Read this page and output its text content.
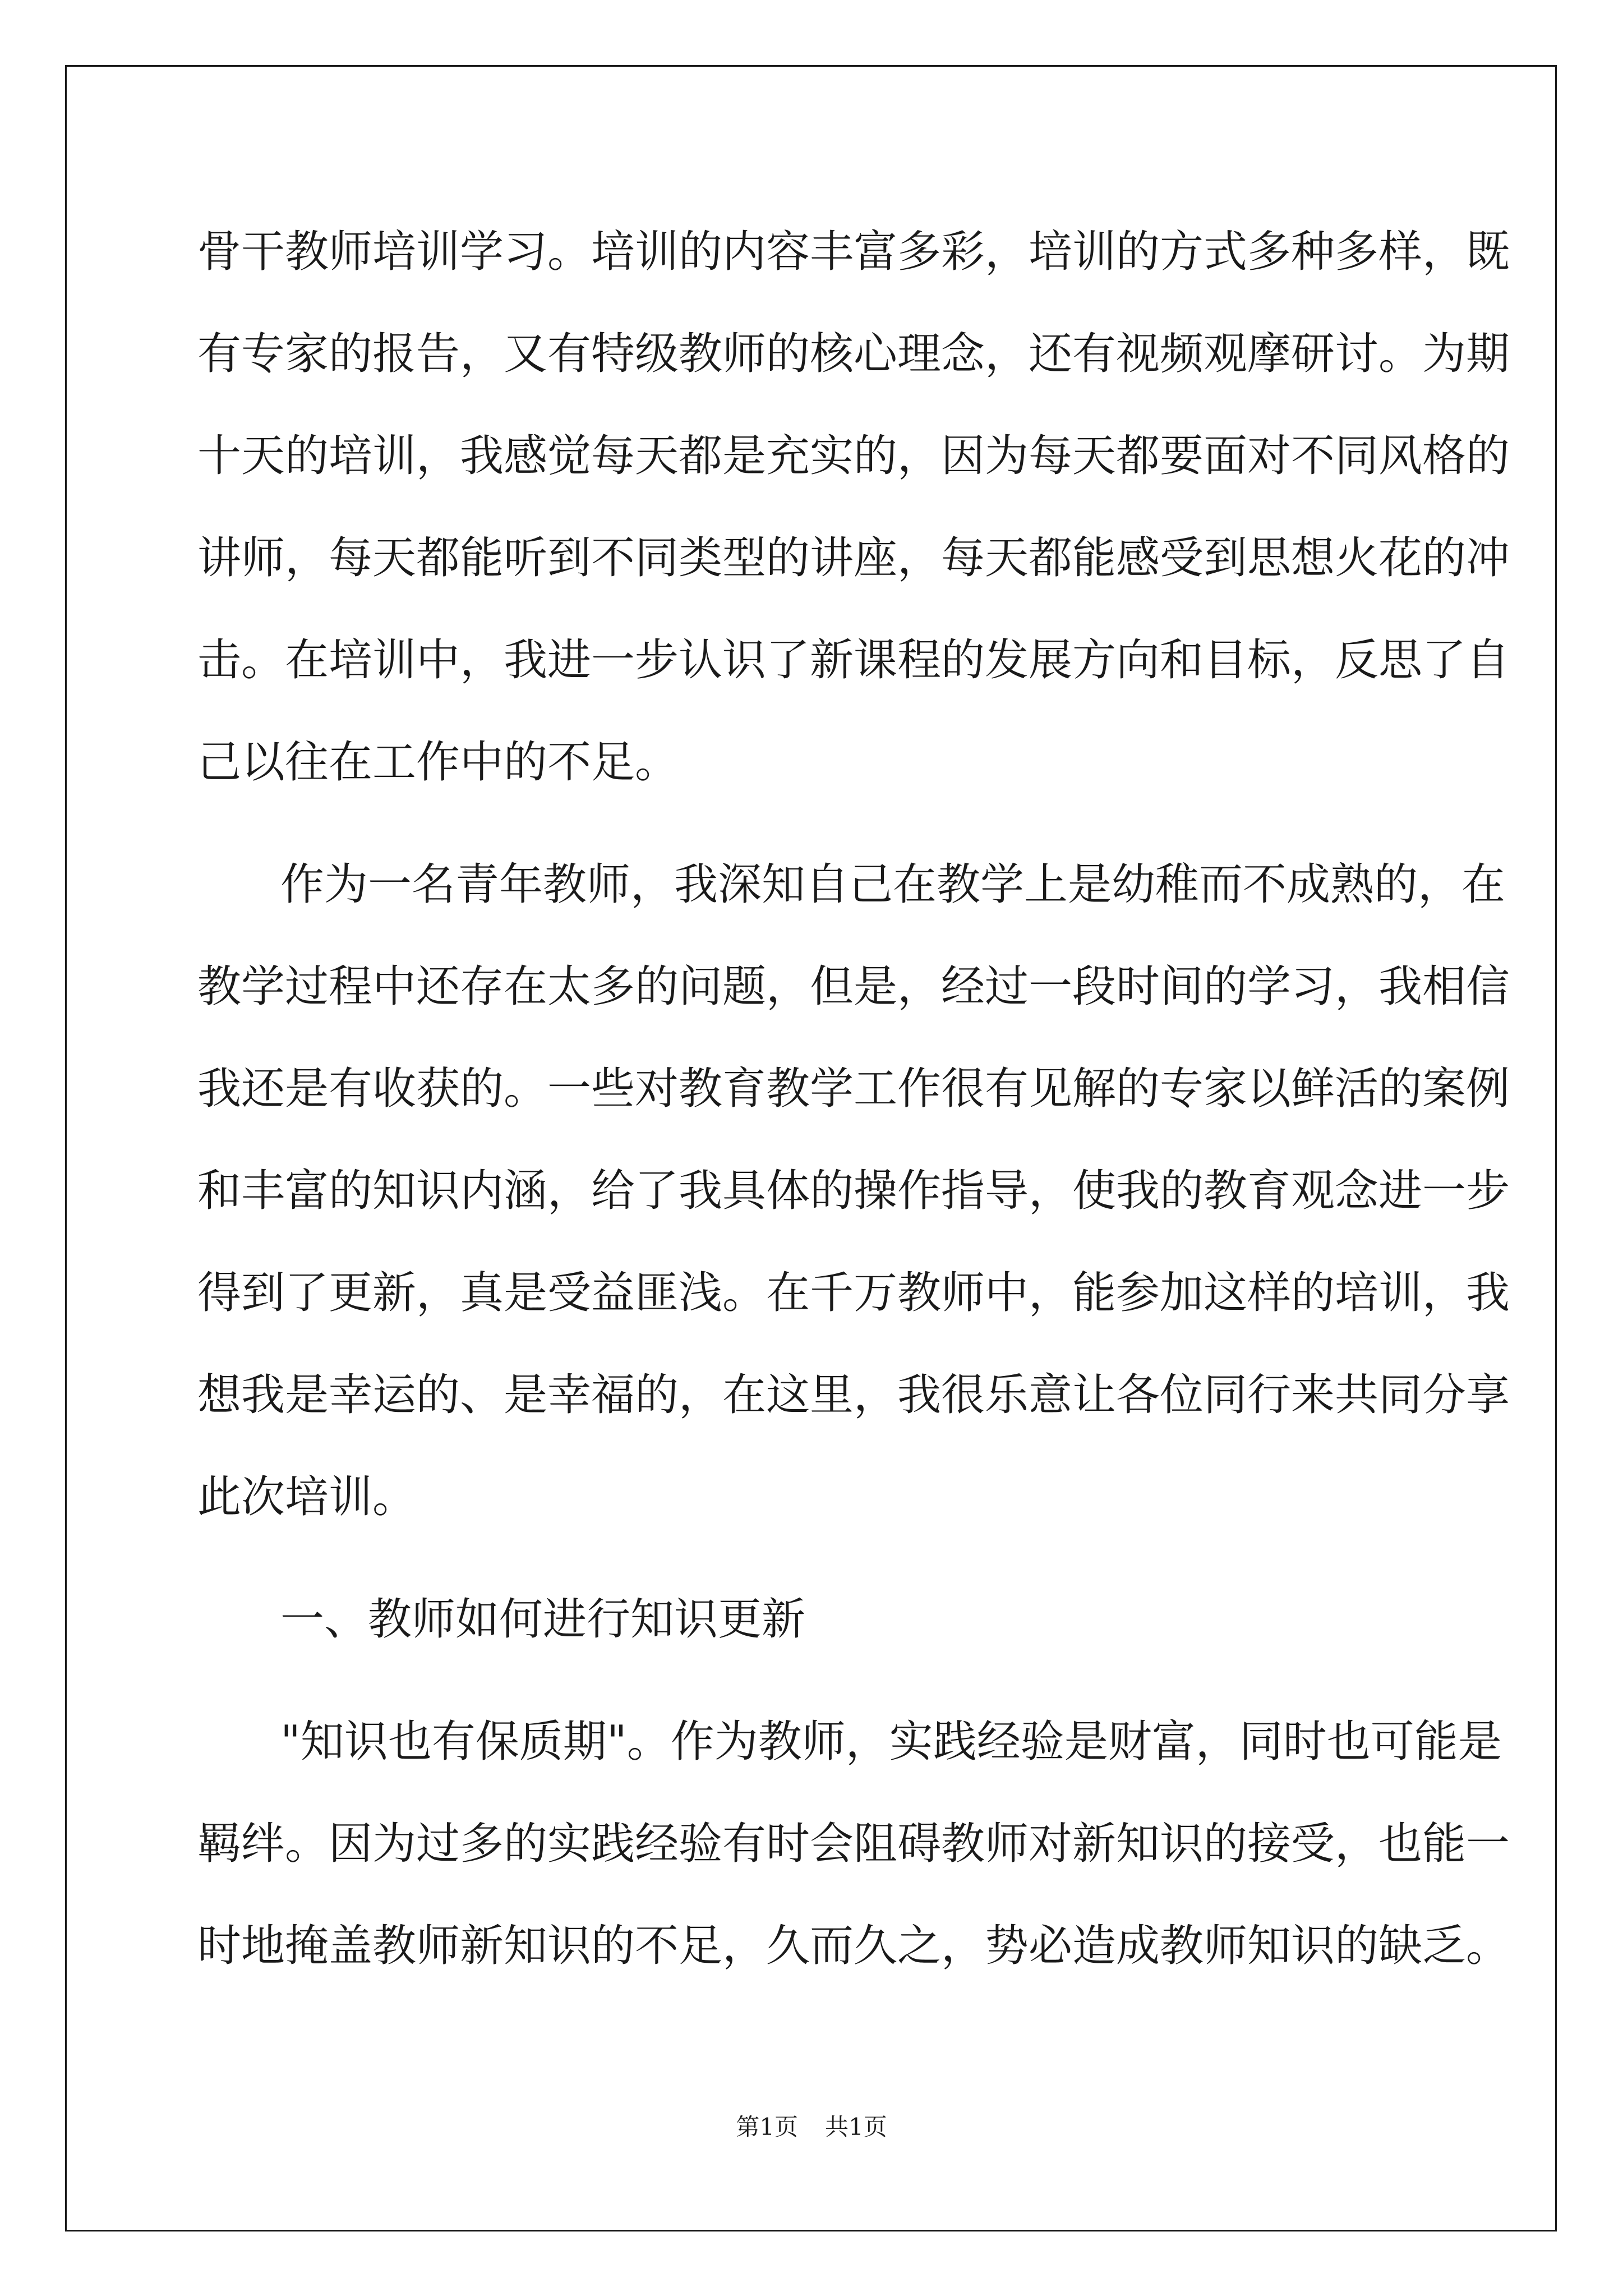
骨干教师培训学习。培训的内容丰富多彩，培训的方式多种多样，既
有专家的报告，又有特级教师的核心理念，还有视频观摩研讨。为期
十天的培训，我感觉每天都是充实的，因为每天都要面对不同风格的
讲师，每天都能听到不同类型的讲座，每天都能感受到思想火花的冲
击。在培训中，我进一步认识了新课程的发展方向和目标，反思了自
己以往在工作中的不足。
作为一名青年教师，我深知自己在教学上是幼稚而不成熟的，在
教学过程中还存在太多的问题，但是，经过一段时间的学习，我相信
我还是有收获的。一些对教育教学工作很有见解的专家以鲜活的案例
和丰富的知识内涵，给了我具体的操作指导，使我的教育观念进一步
得到了更新，真是受益匪浅。在千万教师中，能参加这样的培训，我
想我是幸运的、是幸福的，在这里，我很乐意让各位同行来共同分享
此次培训。
一、教师如何进行知识更新
"知识也有保质期"。作为教师，实践经验是财富，同时也可能是
羁绊。因为过多的实践经验有时会阻碍教师对新知识的接受，也能一
时地掩盖教师新知识的不足，久而久之，势必造成教师知识的缺乏。
第1页 共1页
